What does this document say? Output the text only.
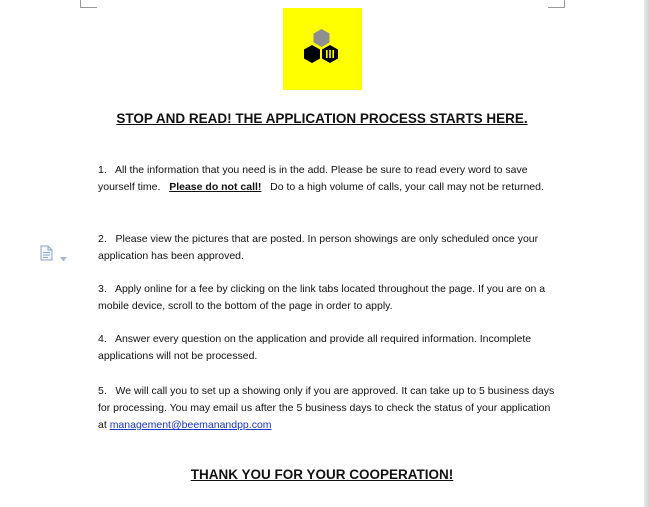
STOP AND READ! THE APPLICATION PROCESS STARTS HERE.
1. All the information that you need is in the add. Please be sure to read every word to save yourself time. Please do not call! Do to a high volume of calls, your call may not be returned.
2. Please view the pictures that are posted. In person showings are only scheduled once your application has been approved.
3. Apply online for a fee by clicking on the link tabs located throughout the page. If you are on a mobile device, scroll to the bottom of the page in order to apply.
4. Answer every question on the application and provide all required information. Incomplete applications will not be processed.
5. We will call you to set up a showing only if you are approved. It can take up to 5 business days for processing. You may email us after the 5 business days to check the status of your application at management@beemanandpp.com
THANK YOU FOR YOUR COOPERATION!
